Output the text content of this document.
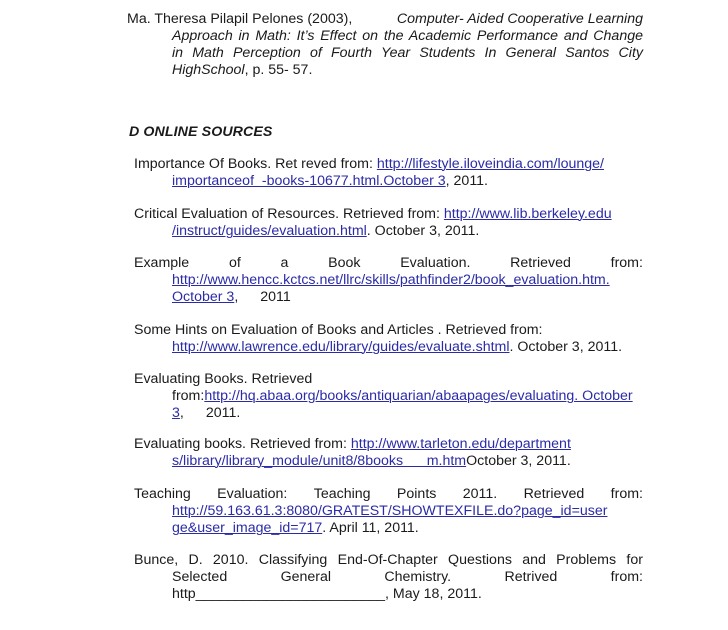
Ma. Theresa Pilapil Pelones (2003),	Computer- Aided Cooperative Learning
Approach in Math: It’s Effect on the Academic Performance and Change
in Math Perception of Fourth Year Students In General Santos City
HighSchool, p. 55- 57.
D ONLINE SOURCES
Importance Of Books. Ret reved from: http://lifestyle.iloveindia.com/lounge/
importanceof  -books-10677.html.October 3, 2011.
Critical Evaluation of Resources. Retrieved from: http://www.lib.berkeley.edu
/instruct/guides/evaluation.html. October 3, 2011.
Example	of	a	Book	Evaluation.	Retrieved	from:
http://www.hencc.kctcs.net/llrc/skills/pathfinder2/book_evaluation.htm.
October 3, 2011
Some Hints on Evaluation of Books and Articles . Retrieved from:
http://www.lawrence.edu/library/guides/evaluate.shtml. October 3, 2011.
Evaluating Books. Retrieved
from:http://hq.abaa.org/books/antiquarian/abaapages/evaluating. October
3, 2011.
Evaluating books. Retrieved from: http://www.tarleton.edu/department
s/library/library_module/unit8/8books      m.htmOctober 3, 2011.
Teaching Evaluation: Teaching Points 2011. Retrieved from:
http://59.163.61.3:8080/GRATEST/SHOWTEXFILE.do?page_id=user
ge&user_image_id=717. April 11, 2011.
Bunce, D. 2010. Classifying End-Of-Chapter Questions and Problems for
Selected	General	Chemistry.	Retrived	from:
http________________________, May 18, 2011.
